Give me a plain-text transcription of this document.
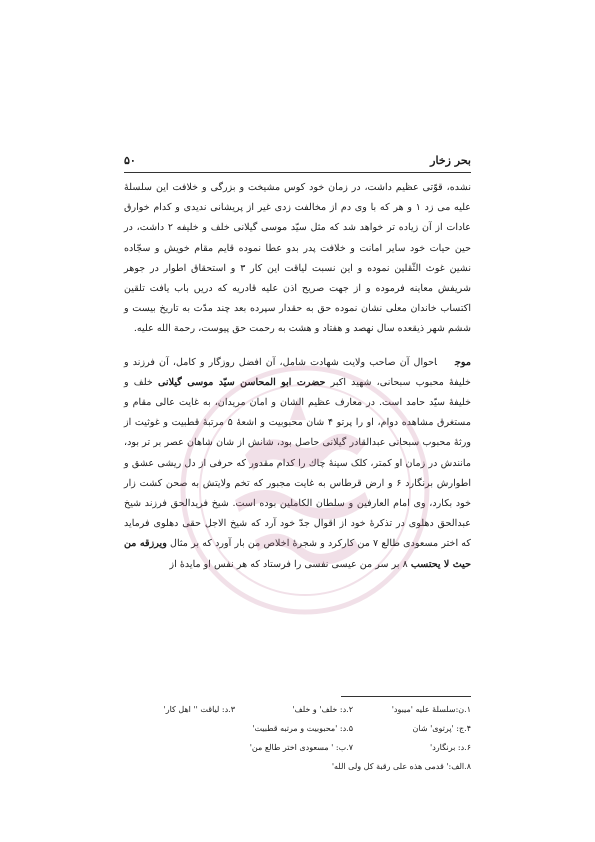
بحر زخار
۵۰

نشده، قوّتی عظیم داشت، در زمان خود کوس مشیخت و بزرگی و خلافت این سلسلهٔ علیه می زد ۱ و هر که با وی دم از مخالفت زدی غیر از پریشانی ندیدی و کدام خوارق عادات از آن زیاده تر خواهد شد که مثل سیّد موسی گیلانی خلف و خلیفه ۲ داشت، در حین حیات خود سایر امانت و خلافت پدر بدو عطا نموده قایم مقام خویش و سجّاده نشین غوث الثّقلین نموده و این نسبت لیاقت این کار ۳ و استحقاق اطوار در جوهر شریفش معاینه فرموده و از جهت صریح اذن علیه قادریه که دریں باب یافت تلقین اکتساب خاندان معلی نشان نموده حق به حقدار سپرده بعد چند مدّت به تاریخ بیست و ششم شهر ذیقعده سال نهصد و هفتاد و هشت به رحمت حق پیوست، رحمة الله علیه.

موجاحوال آن صاحب ولایت شهادت شامل، آن افضل روزگار و کامل، آن فرزند و خلیفهٔ محبوب سبحانی، شهید اکبر حضرت ابو المحاسن سیّد موسی گیلانی خلف و خلیفهٔ سیّد حامد است. در معارف عظیم الشان و امان مریدان، به غایت عالی مقام و مستغرق مشاهده دوام، او را پرتو ۴ شان محبوبیت و اشعهٔ ۵ مرتبهٔ قطبیت و غوثیت از ورثهٔ محبوب سبحانی عبدالقادر گیلانی حاصل بود، شانش از شان شاهان عصر بر تر بود، مانندش در زمان او کمتر، کلک سینهٔ چاك را کدام مقدور که حرفی از دل ریشی عشق و اطوارش برنگارد ۶ و ارض قرطاس به غایت مجبور که تخم ولایتش به صحن کشت زار خود بکارد، وی امام العارفین و سلطان الکاملین بوده است. شیخ فریدالحق فرزند شیخ عبدالحق دهلوی در تذکرهٔ خود از اقوال جدّ خود آرد که شیخ الاجل حقی دهلوی فرماید که اختر مسعودی طالع ۷ من کارکرد و شجرهٔ اخلاص من بار آورد که بر مثال ویرزقه من حیث لا یحتسب ۸ بر سر من عیسی نفسی را فرستاد که هر نفس او مایدهٔ از

۱.ن:سلسلهٔ علیه 'میبود'
۲.د: خلف' و خلف'
۳.د: لیاقت '' اهل کار'
۴.ج: 'پرتوی' شان
۵.د: 'محبوبیت و مرتبه قطبیت'
۶.د: برنگارد'
۷.ب: ' مسعودی اختر طالع من'
۸.الف:' قدمی هذه علی رقبة کل ولی الله'
